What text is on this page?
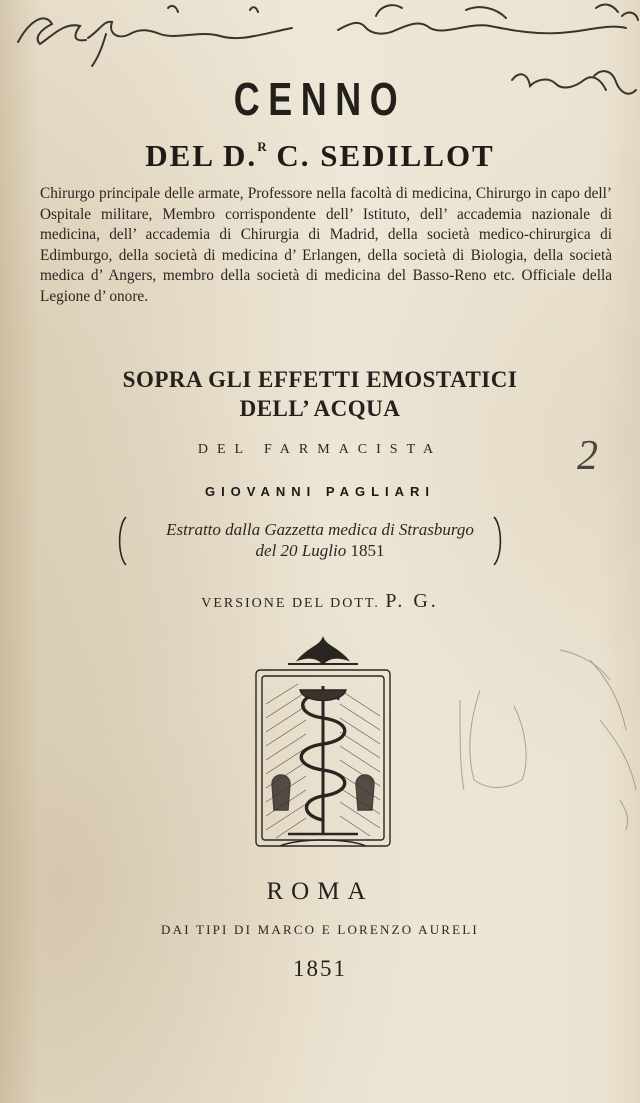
CENNO
DEL D.$^R$ C. SEDILLOT
Chirurgo principale delle armate, Professore nella facoltà di medicina, Chirurgo in capo dell’ Ospitale militare, Membro corrispondente dell’ Istituto, dell’ accademia nazionale di medicina, dell’ accademia di Chirurgia di Madrid, della società medico-chirurgica di Edimburgo, della società di medicina d’ Erlangen, della società di Biologia, della società medica d’ Angers, membro della società di medicina del Basso-Reno etc. Officiale della Legione d’ onore.
SOPRA GLI EFFETTI EMOSTATICI
DELL’ ACQUA
DEL FARMACISTA	2
GIOVANNI PAGLIARI
Estratto dalla Gazzetta medica di Strasburgo
del 20 Luglio 1851
VERSIONE DEL DOTT. P. G.
ROMA
DAI TIPI DI MARCO E LORENZO AURELI
1851
